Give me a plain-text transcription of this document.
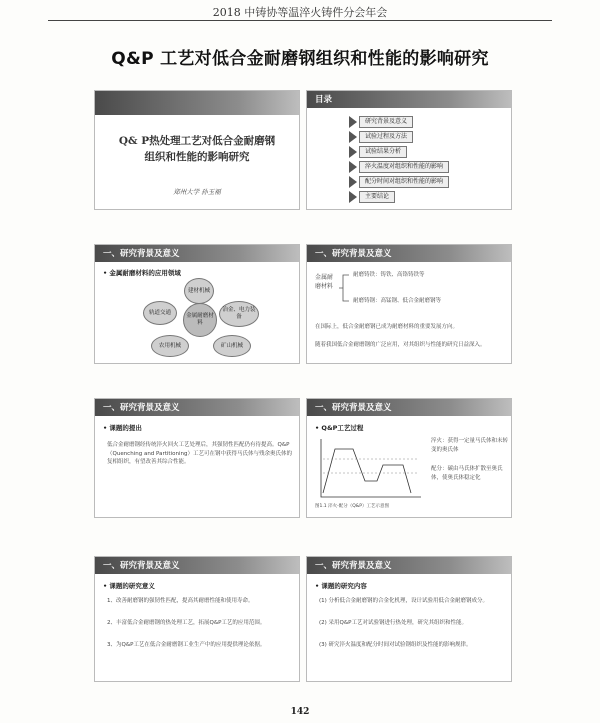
2018 中铸协等温淬火铸件分会年会
Q&P 工艺对低合金耐磨钢组织和性能的影响研究
Q& P热处理工艺对低合金耐磨钢
组织和性能的影响研究
郑州大学 孙玉福
目录
研究背景及意义
试验过程及方法
试验结果分析
淬火温度对组织和性能的影响
配分时间对组织和性能的影响
主要结论
一、研究背景及意义
• 金属耐磨材料的应用领域
金属耐磨材料
建材机械
轨道交通	冶金、电力装备
农用机械	矿山机械
一、研究背景及意义
金属耐磨材料
耐磨铸铁：铸铁、高铬铸铁等
耐磨铸钢：高锰钢、低合金耐磨钢等
在国际上，低合金耐磨钢已成为耐磨材料的重要发展方向。
随着我国低合金耐磨钢的广泛应用，对其组织与性能的研究日益深入。
一、研究背景及意义
• 课题的提出
低合金耐磨钢经传统淬火回火工艺处理后，其强韧性匹配仍有待提高。Q&P（Quenching and Partitioning）工艺可在钢中获得马氏体与残余奥氏体的复相组织，有望改善其综合性能。
一、研究背景及意义
• Q&P工艺过程
图1.1 淬火-配分（Q&P）工艺示意图
淬火：获得一定量马氏体和未转变的奥氏体
配分：碳由马氏体扩散至奥氏体，使奥氏体稳定化
一、研究背景及意义
• 课题的研究意义
1、改善耐磨钢的强韧性匹配，提高其耐磨性能和使用寿命。
2、丰富低合金耐磨钢的热处理工艺，拓展Q&P工艺的应用范围。
3、为Q&P工艺在低合金耐磨钢工业生产中的应用提供理论依据。
一、研究背景及意义
• 课题的研究内容
(1) 分析低合金耐磨钢的合金化机理，设计试验用低合金耐磨钢成分。
(2) 采用Q&P工艺对试验钢进行热处理，研究其组织和性能。
(3) 研究淬火温度和配分时间对试验钢组织及性能的影响规律。
142
